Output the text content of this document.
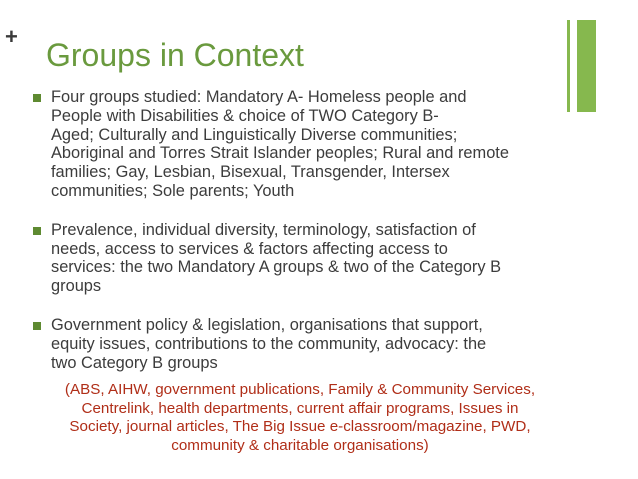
+
Groups in Context
Four groups studied: Mandatory A- Homeless people and
People with Disabilities & choice of TWO Category B-
Aged; Culturally and Linguistically Diverse communities;
Aboriginal and Torres Strait Islander peoples; Rural and remote
families; Gay, Lesbian, Bisexual, Transgender, Intersex
communities; Sole parents; Youth
Prevalence, individual diversity, terminology, satisfaction of
needs, access to services & factors affecting access to
services: the two Mandatory A groups & two of the Category B
groups
Government policy & legislation, organisations that support,
equity issues, contributions to the community, advocacy: the
two Category B groups
(ABS, AIHW, government publications, Family & Community Services,
Centrelink, health departments, current affair programs, Issues in
Society, journal articles, The Big Issue e-classroom/magazine, PWD,
community & charitable organisations)
